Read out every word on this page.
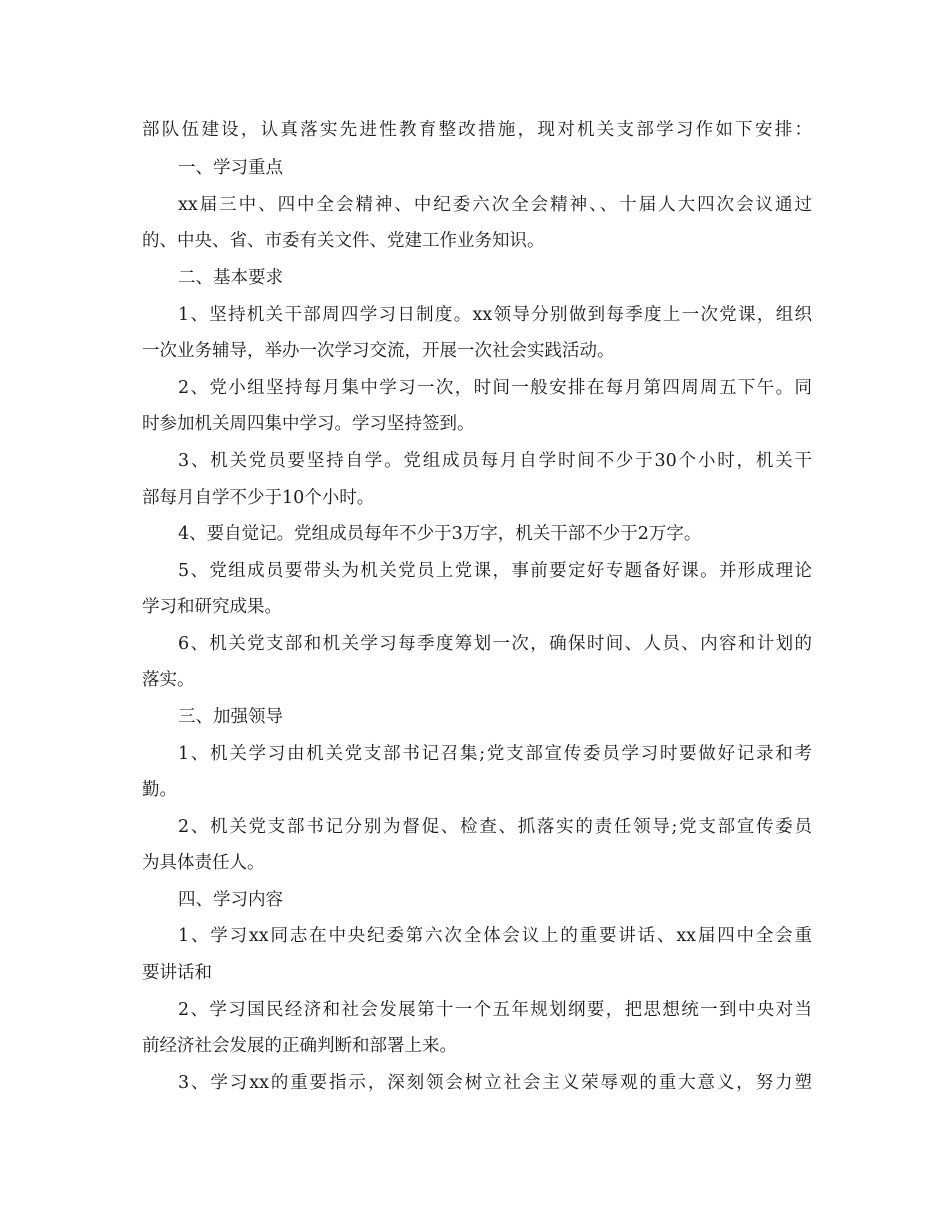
部队伍建设，认真落实先进性教育整改措施，现对机关支部学习作如下安排：
一、学习重点
xx届三中、四中全会精神、中纪委六次全会精神、、十届人大四次会议通过
的、中央、省、市委有关文件、党建工作业务知识。
二、基本要求
1、坚持机关干部周四学习日制度。xx领导分别做到每季度上一次党课，组织
一次业务辅导，举办一次学习交流，开展一次社会实践活动。
2、党小组坚持每月集中学习一次，时间一般安排在每月第四周周五下午。同
时参加机关周四集中学习。学习坚持签到。
3、机关党员要坚持自学。党组成员每月自学时间不少于30个小时，机关干
部每月自学不少于10个小时。
4、要自觉记。党组成员每年不少于3万字，机关干部不少于2万字。
5、党组成员要带头为机关党员上党课，事前要定好专题备好课。并形成理论
学习和研究成果。
6、机关党支部和机关学习每季度筹划一次，确保时间、人员、内容和计划的
落实。
三、加强领导
1、机关学习由机关党支部书记召集;党支部宣传委员学习时要做好记录和考
勤。
2、机关党支部书记分别为督促、检查、抓落实的责任领导;党支部宣传委员
为具体责任人。
四、学习内容
1、学习xx同志在中央纪委第六次全体会议上的重要讲话、xx届四中全会重
要讲话和
2、学习国民经济和社会发展第十一个五年规划纲要，把思想统一到中央对当
前经济社会发展的正确判断和部署上来。
3、学习xx的重要指示，深刻领会树立社会主义荣辱观的重大意义，努力塑
